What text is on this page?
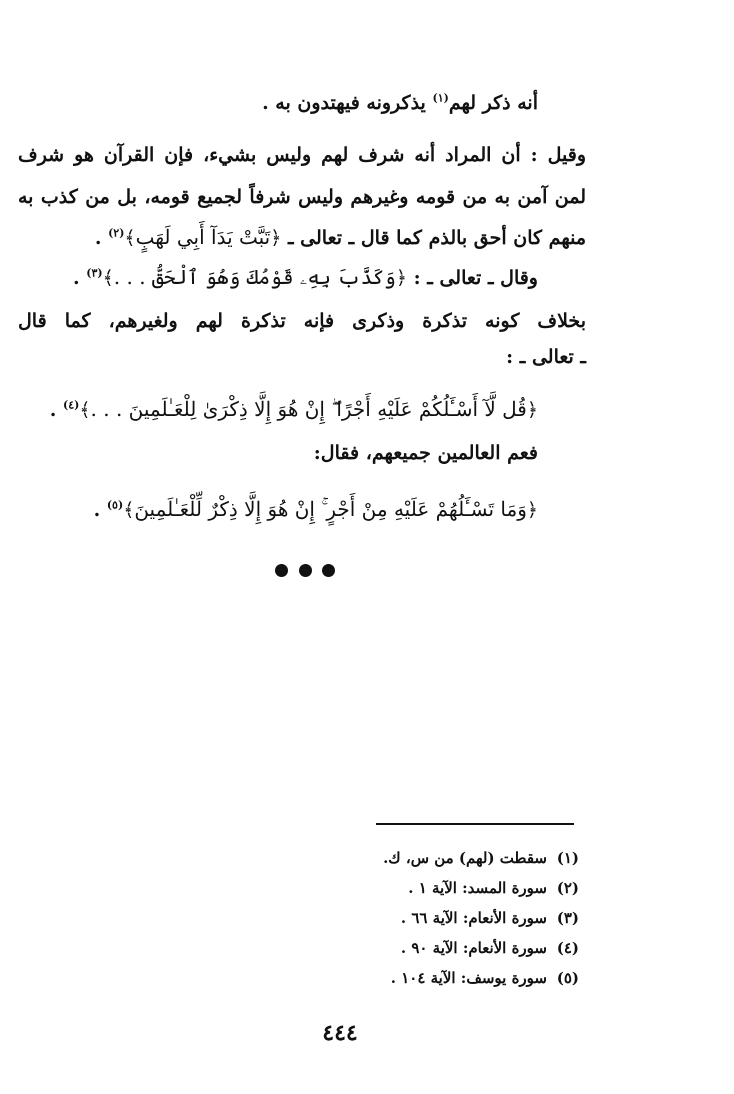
أنه ذكر لهم$^{(١)}$ يذكرونه فيهتدون به .
وقيل : أن المراد أنه شرف لهم وليس بشيء، فإن القرآن هو شرف
لمن آمن به من قومه وغيرهم وليس شرفاً لجميع قومه، بل من كذب به
منهم كان أحق بالذم كما قال ـ تعالى ـ ﴿تَبَّتْ يَدَآ أَبِي لَهَبٍ﴾$^{(٢)}$ .
وقال ـ تعالى ـ : ﴿وَكَذَّبَ بِهِۦ قَوْمُكَ وَهُوَ ٱلْحَقُّ . . .﴾$^{(٣)}$ .
بخلاف كونه تذكرة وذكرى فإنه تذكرة لهم ولغيرهم، كما قال
ـ تعالى ـ :
﴿قُل لَّآ أَسْـَٔلُكُمْ عَلَيْهِ أَجْرًا ۖ إِنْ هُوَ إِلَّا ذِكْرَىٰ لِلْعَـٰلَمِينَ . . .﴾$^{(٤)}$ .
فعم العالمين جميعهم، فقال:
﴿وَمَا تَسْـَٔلُهُمْ عَلَيْهِ مِنْ أَجْرٍ ۚ إِنْ هُوَ إِلَّا ذِكْرٌ لِّلْعَـٰلَمِينَ﴾$^{(٥)}$ .
(١)سقطت (لهم) من س، ك.
(٢)سورة المسد: الآية ١ .
(٣)سورة الأنعام: الآية ٦٦ .
(٤)سورة الأنعام: الآية ٩٠ .
(٥)سورة يوسف: الآية ١٠٤ .
٤٤٤
